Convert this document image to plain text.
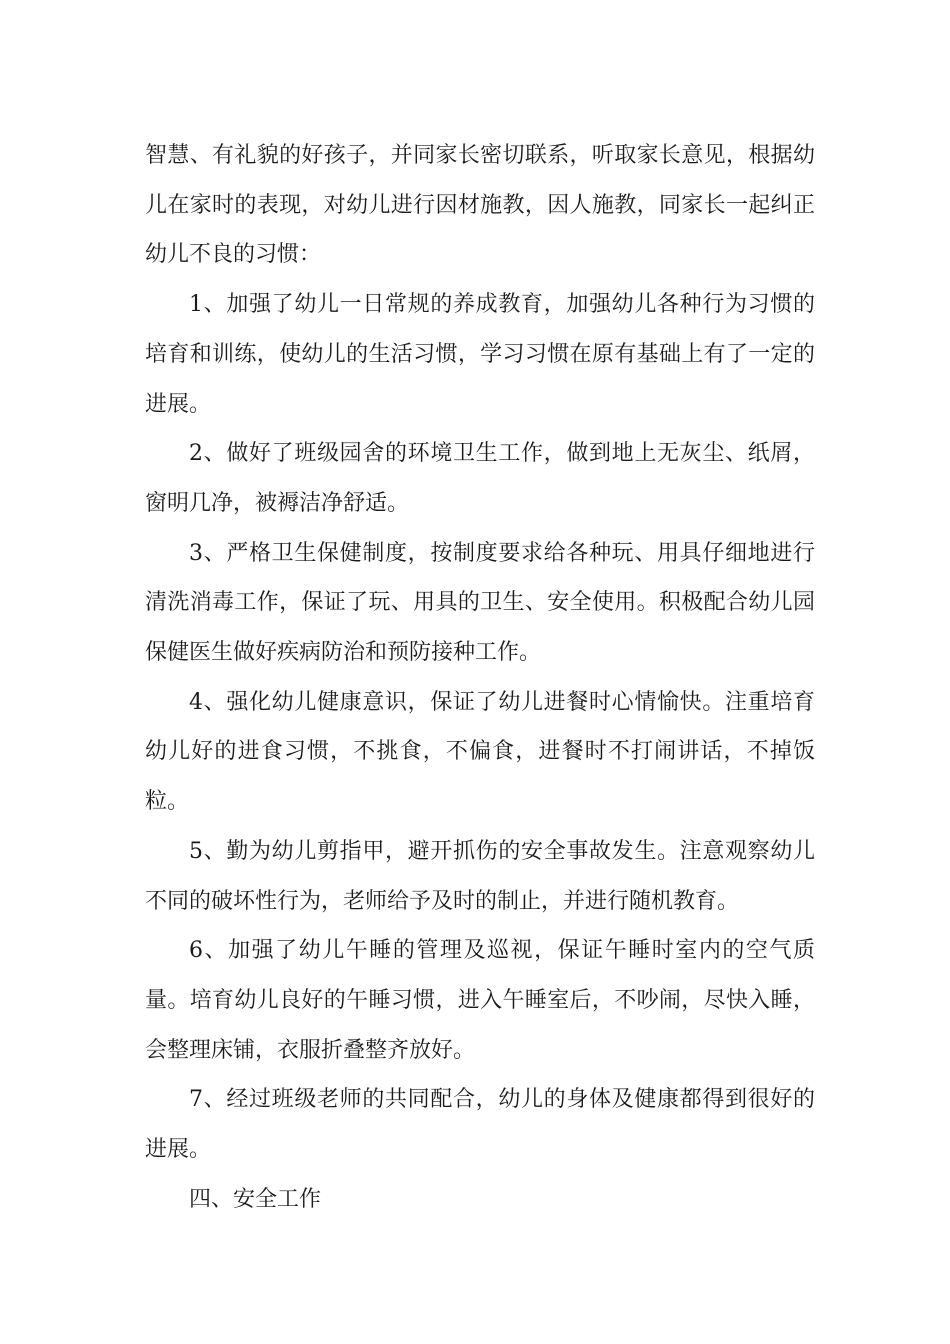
智慧、有礼貌的好孩子，并同家长密切联系，听取家长意见，根据幼儿在家时的表现，对幼儿进行因材施教，因人施教，同家长一起纠正幼儿不良的习惯：

1、加强了幼儿一日常规的养成教育，加强幼儿各种行为习惯的培育和训练，使幼儿的生活习惯，学习习惯在原有基础上有了一定的进展。

2、做好了班级园舍的环境卫生工作，做到地上无灰尘、纸屑，窗明几净，被褥洁净舒适。

3、严格卫生保健制度，按制度要求给各种玩、用具仔细地进行清洗消毒工作，保证了玩、用具的卫生、安全使用。积极配合幼儿园保健医生做好疾病防治和预防接种工作。

4、强化幼儿健康意识，保证了幼儿进餐时心情愉快。注重培育幼儿好的进食习惯，不挑食，不偏食，进餐时不打闹讲话，不掉饭粒。

5、勤为幼儿剪指甲，避开抓伤的安全事故发生。注意观察幼儿不同的破坏性行为，老师给予及时的制止，并进行随机教育。

6、加强了幼儿午睡的管理及巡视，保证午睡时室内的空气质量。培育幼儿良好的午睡习惯，进入午睡室后，不吵闹，尽快入睡，会整理床铺，衣服折叠整齐放好。

7、经过班级老师的共同配合，幼儿的身体及健康都得到很好的进展。

四、安全工作
